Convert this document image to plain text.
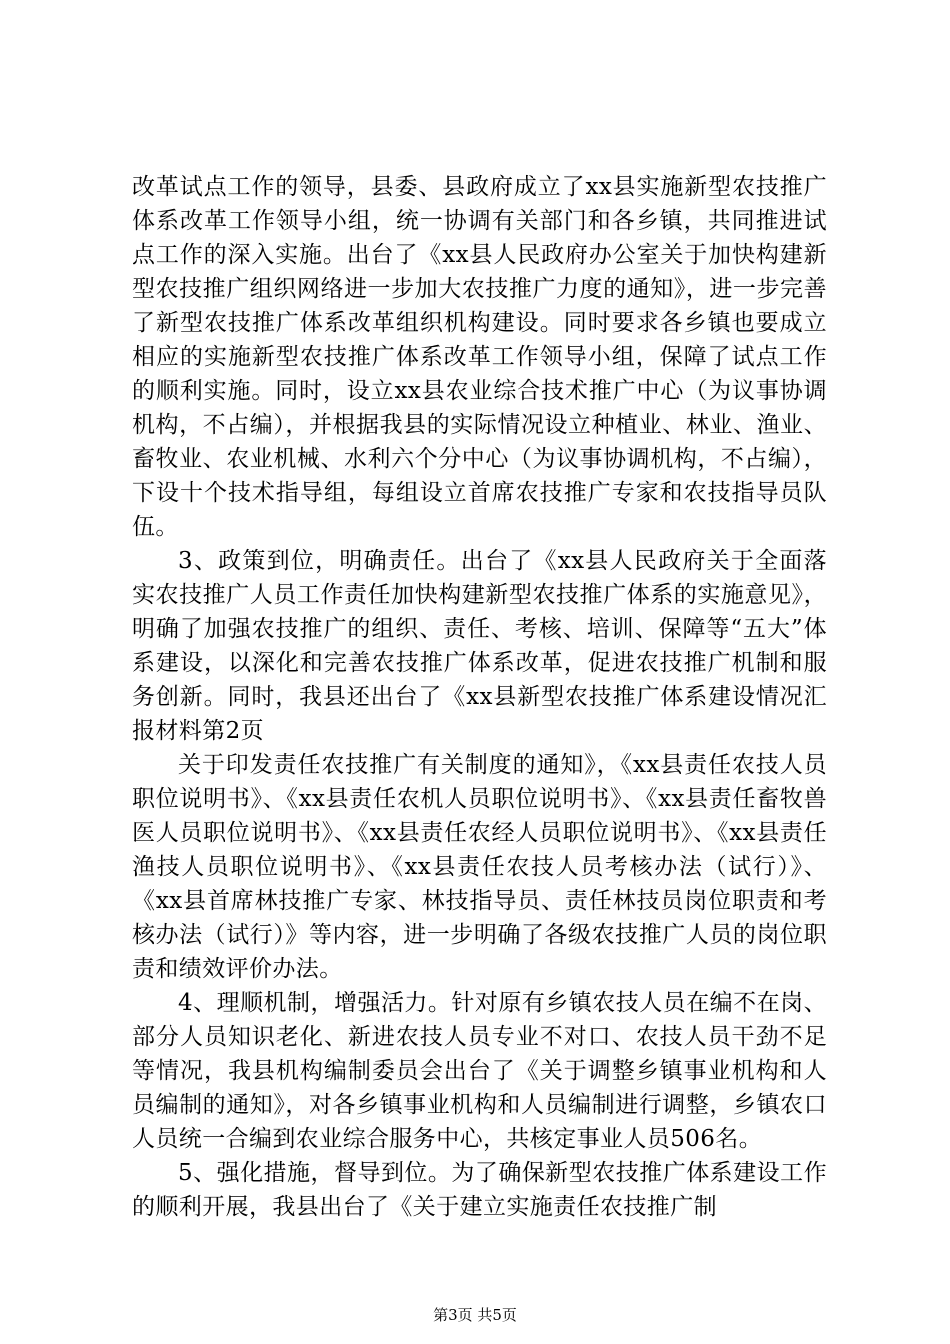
改革试点工作的领导，县委、县政府成立了xx县实施新型农技推广体系改革工作领导小组，统一协调有关部门和各乡镇，共同推进试点工作的深入实施。出台了《xx县人民政府办公室关于加快构建新型农技推广组织网络进一步加大农技推广力度的通知》，进一步完善了新型农技推广体系改革组织机构建设。同时要求各乡镇也要成立相应的实施新型农技推广体系改革工作领导小组，保障了试点工作的顺利实施。同时，设立xx县农业综合技术推广中心（为议事协调机构，不占编），并根据我县的实际情况设立种植业、林业、渔业、畜牧业、农业机械、水利六个分中心（为议事协调机构，不占编），下设十个技术指导组，每组设立首席农技推广专家和农技指导员队伍。

3、政策到位，明确责任。出台了《xx县人民政府关于全面落实农技推广人员工作责任加快构建新型农技推广体系的实施意见》，明确了加强农技推广的组织、责任、考核、培训、保障等“五大”体系建设，以深化和完善农技推广体系改革，促进农技推广机制和服务创新。同时，我县还出台了《xx县新型农技推广体系建设情况汇报材料第2页

关于印发责任农技推广有关制度的通知》，《xx县责任农技人员职位说明书》、《xx县责任农机人员职位说明书》、《xx县责任畜牧兽医人员职位说明书》、《xx县责任农经人员职位说明书》、《xx县责任渔技人员职位说明书》、《xx县责任农技人员考核办法（试行）》、《xx县首席林技推广专家、林技指导员、责任林技员岗位职责和考核办法（试行）》等内容，进一步明确了各级农技推广人员的岗位职责和绩效评价办法。

4、理顺机制，增强活力。针对原有乡镇农技人员在编不在岗、部分人员知识老化、新进农技人员专业不对口、农技人员干劲不足等情况，我县机构编制委员会出台了《关于调整乡镇事业机构和人员编制的通知》，对各乡镇事业机构和人员编制进行调整，乡镇农口人员统一合编到农业综合服务中心，共核定事业人员506名。

5、强化措施，督导到位。为了确保新型农技推广体系建设工作的顺利开展，我县出台了《关于建立实施责任农技推广制

第3页 共5页
